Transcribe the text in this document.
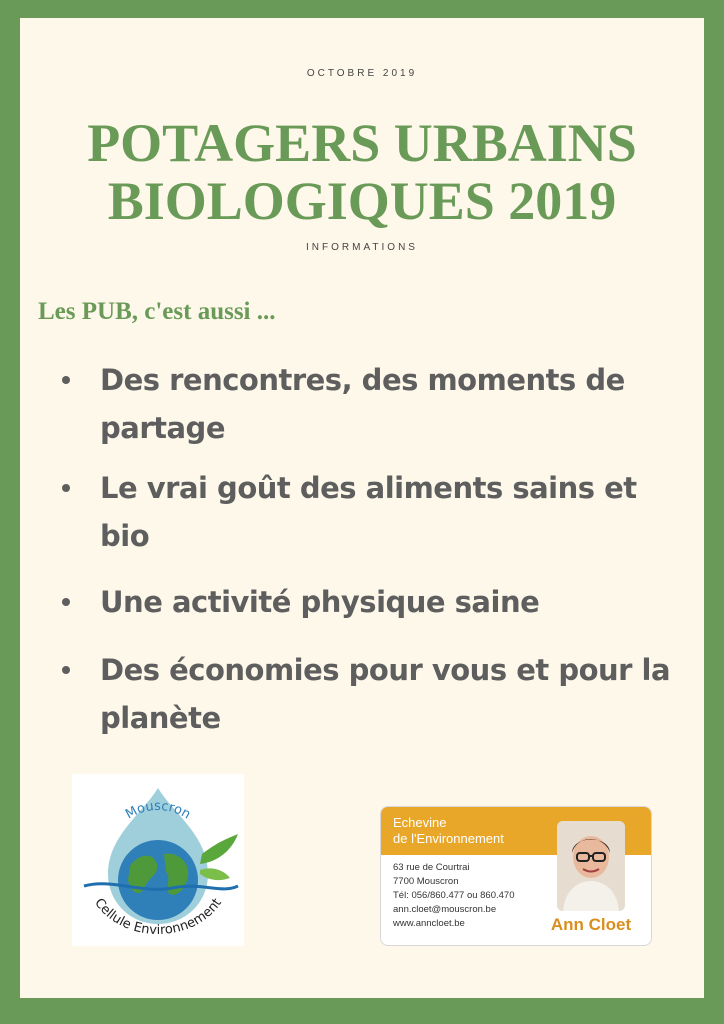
OCTOBRE 2019
POTAGERS URBAINS
BIOLOGIQUES 2019
INFORMATIONS
Les PUB, c'est aussi ...
Des rencontres, des moments de partage
Le vrai goût des aliments sains et bio
Une activité physique saine
Des économies pour vous et pour la planète
Mouscron
Cellule Environnement
Echevine
de l'Environnement
63 rue de Courtrai
7700 Mouscron
Tél: 056/860.477 ou 860.470
ann.cloet@mouscron.be
www.anncloet.be	Ann Cloet
